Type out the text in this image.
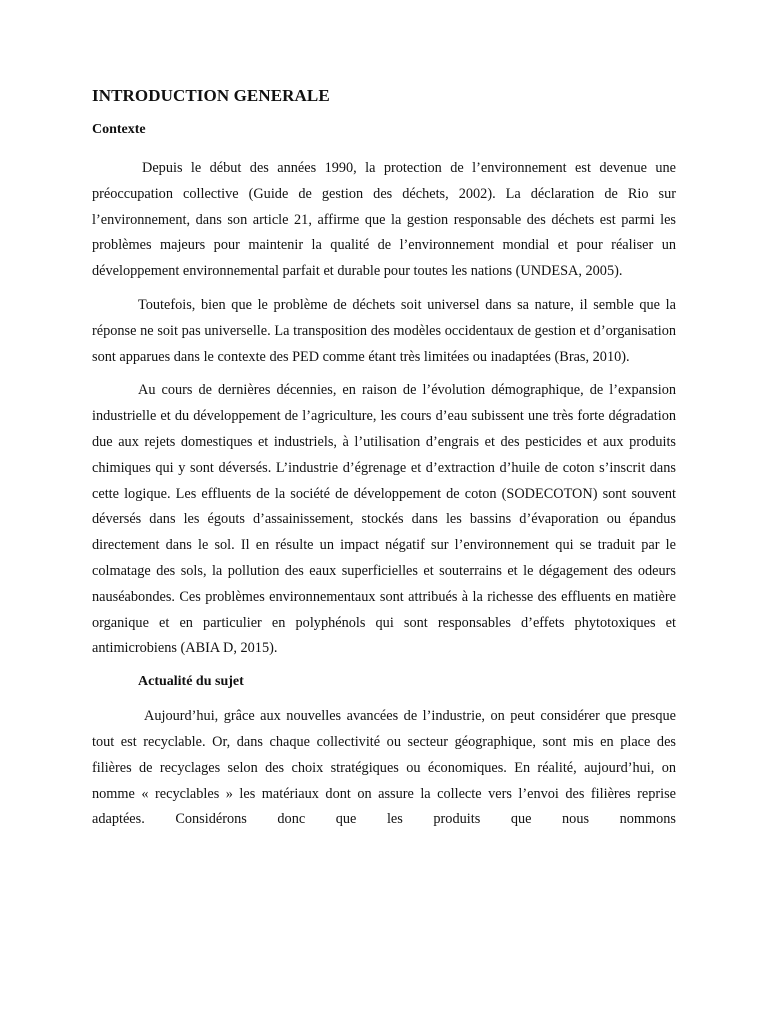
INTRODUCTION GENERALE
Contexte

Depuis le début des années 1990, la protection de l’environnement est devenue une préoccupation collective (Guide de gestion des déchets, 2002). La déclaration de Rio sur l’environnement, dans son article 21, affirme que la gestion responsable des déchets est parmi les problèmes majeurs pour maintenir la qualité de l’environnement mondial et pour réaliser un développement environnemental parfait et durable pour toutes les nations (UNDESA, 2005).

Toutefois, bien que le problème de déchets soit universel dans sa nature, il semble que la réponse ne soit pas universelle. La transposition des modèles occidentaux de gestion et d’organisation sont apparues dans le contexte des PED comme étant très limitées ou inadaptées (Bras, 2010).

Au cours de dernières décennies, en raison de l’évolution démographique, de l’expansion industrielle et du développement de l’agriculture, les cours d’eau subissent une très forte dégradation due aux rejets domestiques et industriels, à l’utilisation d’engrais et des pesticides et aux produits chimiques qui y sont déversés. L’industrie d’égrenage et d’extraction d’huile de coton s’inscrit dans cette logique. Les effluents de la société de développement de coton (SODECOTON) sont souvent déversés dans les égouts d’assainissement, stockés dans les bassins d’évaporation ou épandus directement dans le sol. Il en résulte un impact négatif sur l’environnement qui se traduit par le colmatage des sols, la pollution des eaux superficielles et souterrains et le dégagement des odeurs nauséabondes. Ces problèmes environnementaux sont attribués à la richesse des effluents en matière organique et en particulier en polyphénols qui sont responsables d’effets phytotoxiques et antimicrobiens (ABIA D, 2015).

Actualité du sujet

Aujourd’hui, grâce aux nouvelles avancées de l’industrie, on peut considérer que presque tout est recyclable. Or, dans chaque collectivité ou secteur géographique, sont mis en place des filières de recyclages selon des choix stratégiques ou économiques. En réalité, aujourd’hui, on nomme « recyclables » les matériaux dont on assure la collecte vers l’envoi des filières reprise adaptées. Considérons donc que les produits que nous nommons
